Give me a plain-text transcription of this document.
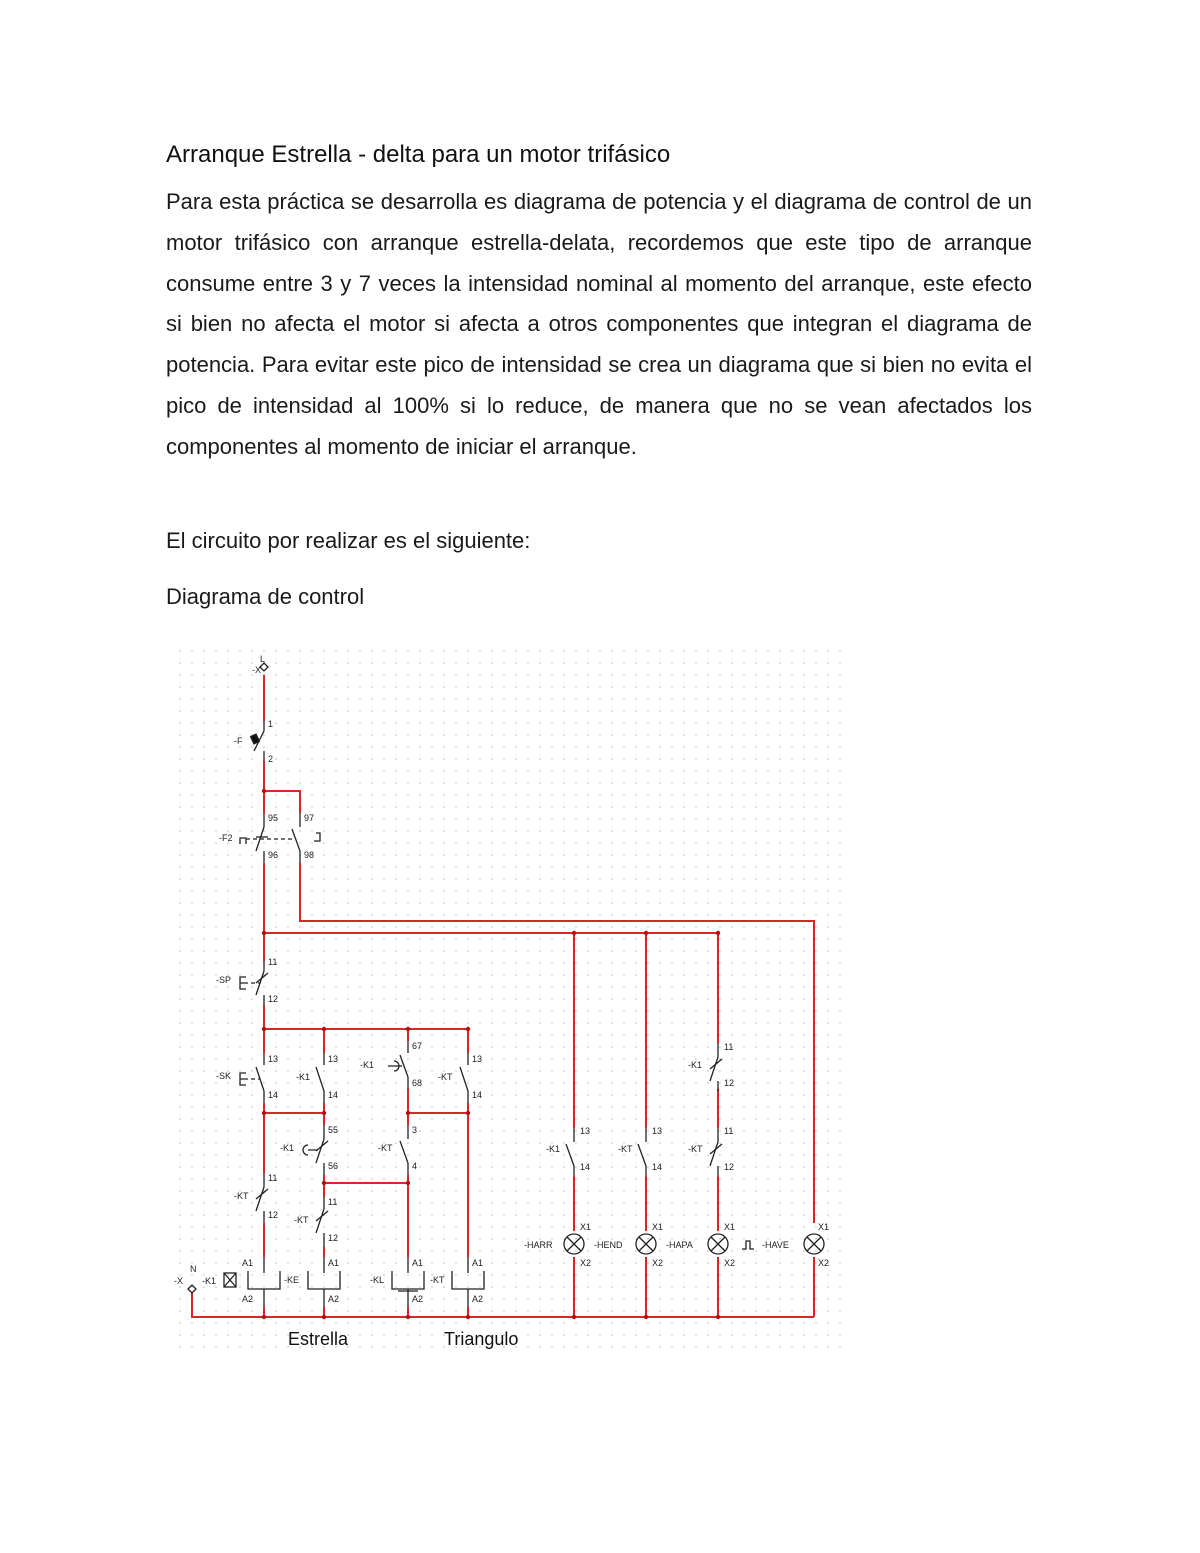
Arranque Estrella - delta para un motor trifásico

Para esta práctica se desarrolla es diagrama de potencia y el diagrama de control de un motor trifásico con arranque estrella-delata, recordemos que este tipo de arranque consume entre 3 y 7 veces la intensidad nominal al momento del arranque, este efecto si bien no afecta el motor si afecta a otros componentes que integran el diagrama de potencia. Para evitar este pico de intensidad se crea un diagrama que si bien no evita el pico de intensidad al 100% si lo reduce, de manera que no se vean afectados los componentes al momento de iniciar el arranque.

El circuito por realizar es el siguiente:

Diagrama de control

-X
L
1
2
-F
95
96
97
98
-F2
11
12
-SP
13
14
-SK
13
14
-K1
67
68
-K1
13
14
-KT
55
56
-K1
3
4
-KT
11
12
-KT
11
12
-KT
A1
A2
-K1
-X
N
A1
A2
-KE
A1
A2
-KL
A1
A2
-KT
13
14
-K1
13
14
-KT
11
12
-K1
11
12
-KT
X1
X2
-HARR
X1
X2
-HEND
X1
X2
-HAPA
X1
X2
-HAVE
Estrella	Triangulo
